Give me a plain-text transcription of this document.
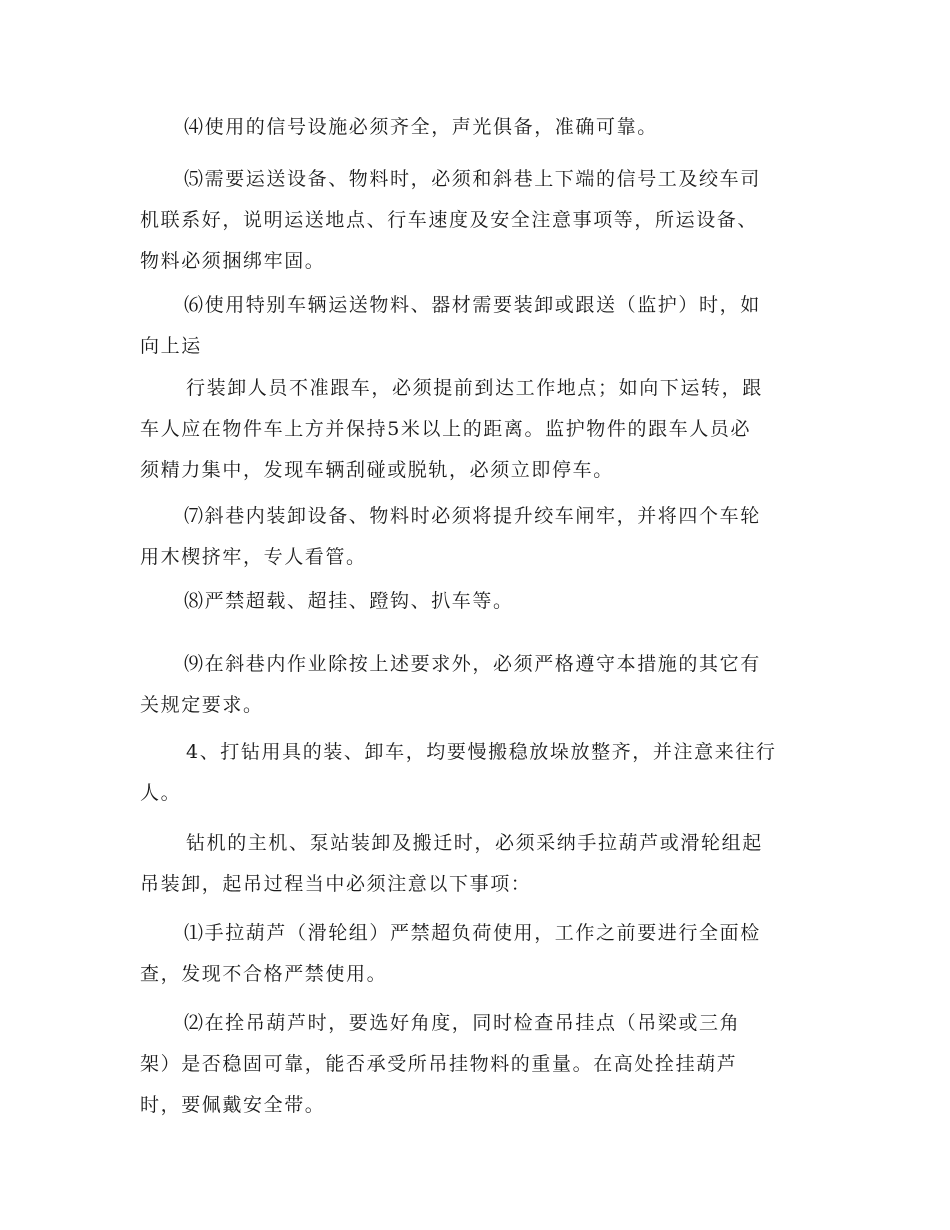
⑷使用的信号设施必须齐全，声光俱备，准确可靠。

⑸需要运送设备、物料时，必须和斜巷上下端的信号工及绞车司
机联系好，说明运送地点、行车速度及安全注意事项等，所运设备、
物料必须捆绑牢固。

⑹使用特别车辆运送物料、器材需要装卸或跟送（监护）时，如
向上运

行装卸人员不准跟车，必须提前到达工作地点；如向下运转，跟
车人应在物件车上方并保持5米以上的距离。监护物件的跟车人员必
须精力集中，发现车辆刮碰或脱轨，必须立即停车。

⑺斜巷内装卸设备、物料时必须将提升绞车闸牢，并将四个车轮
用木楔挤牢，专人看管。

⑻严禁超载、超挂、蹬钩、扒车等。

⑼在斜巷内作业除按上述要求外，必须严格遵守本措施的其它有
关规定要求。

4、打钻用具的装、卸车，均要慢搬稳放垛放整齐，并注意来往行
人。

钻机的主机、泵站装卸及搬迁时，必须采纳手拉葫芦或滑轮组起
吊装卸，起吊过程当中必须注意以下事项：

⑴手拉葫芦（滑轮组）严禁超负荷使用，工作之前要进行全面检
查，发现不合格严禁使用。

⑵在拴吊葫芦时，要选好角度，同时检查吊挂点（吊梁或三角
架）是否稳固可靠，能否承受所吊挂物料的重量。在高处拴挂葫芦
时，要佩戴安全带。
